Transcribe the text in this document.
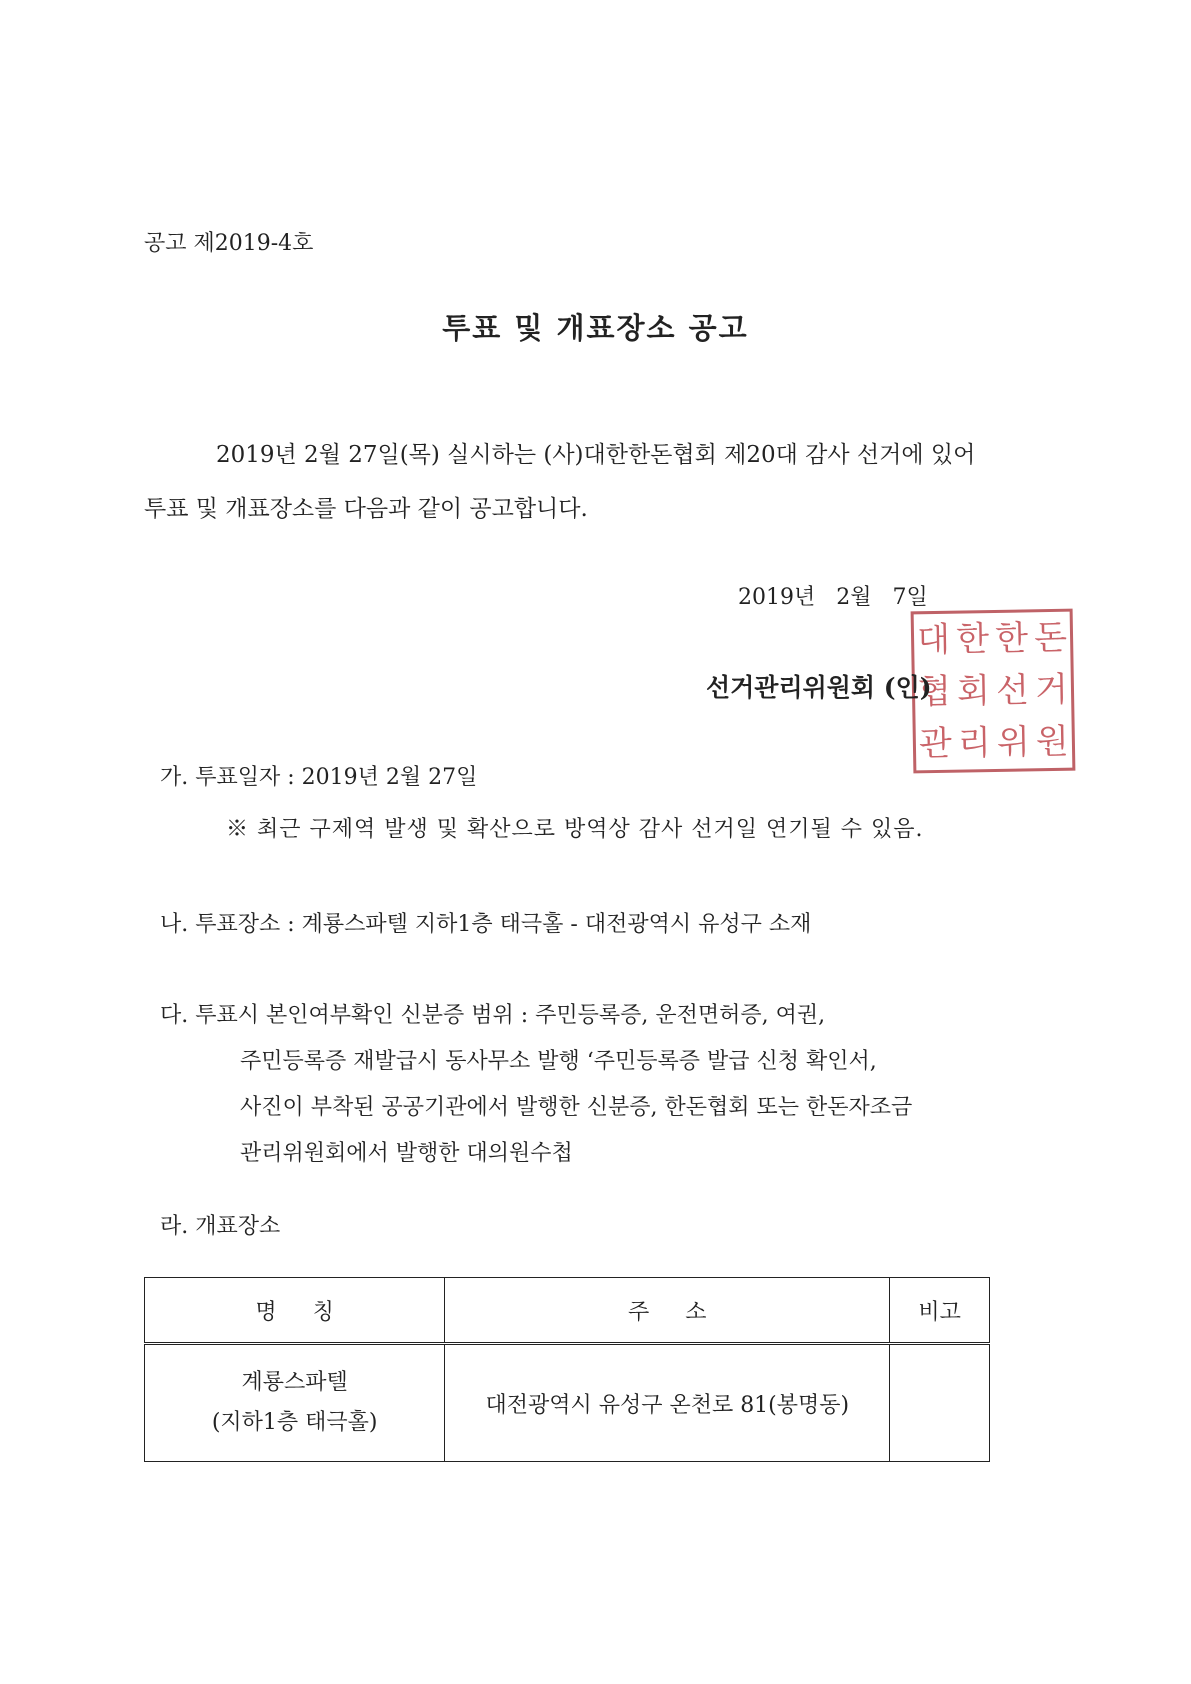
공고 제2019-4호

투표 및 개표장소 공고
2019년 2월 27일(목) 실시하는 (사)대한한돈협회 제20대 감사 선거에 있어
투표 및 개표장소를 다음과 같이 공고합니다.

2019년   2월   7일

대 한 한 돈
협 회 선 거
관 리 위 원

선거관리위원회 (인)

가. 투표일자 : 2019년 2월 27일

※ 최근 구제역 발생 및 확산으로 방역상 감사 선거일 연기될 수 있음.

나. 투표장소 : 계룡스파텔 지하1층 태극홀 - 대전광역시 유성구 소재

다. 투표시 본인여부확인 신분증 범위 : 주민등록증, 운전면허증, 여권,
주민등록증 재발급시 동사무소 발행 ‘주민등록증 발급 신청 확인서,
사진이 부착된 공공기관에서 발행한 신분증, 한돈협회 또는 한돈자조금
관리위원회에서 발행한 대의원수첩

라. 개표장소

명칭	주소	비고

계룡스파텔
(지하1층 태극홀)	대전광역시 유성구 온천로 81(봉명동)	
